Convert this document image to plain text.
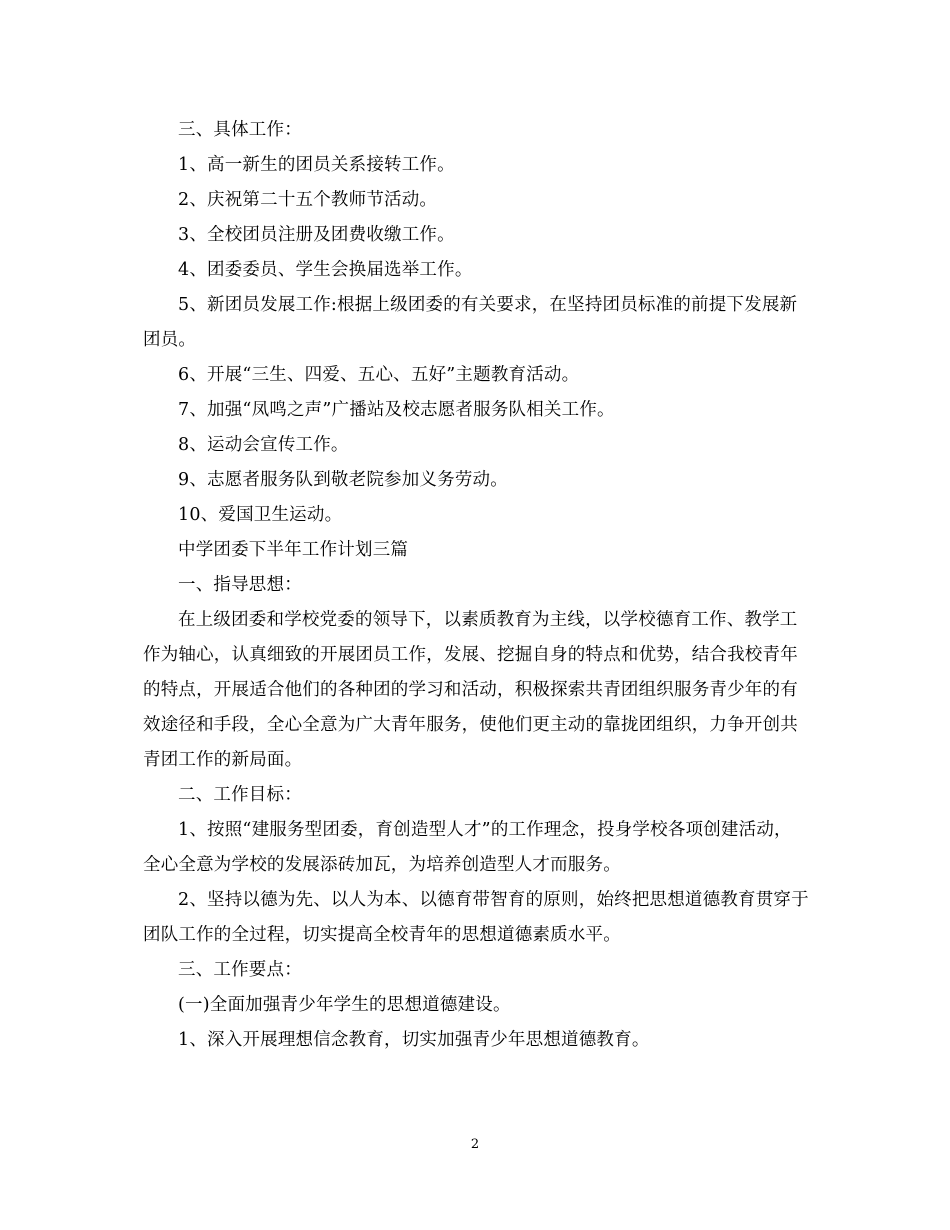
三、具体工作：

1、高一新生的团员关系接转工作。

2、庆祝第二十五个教师节活动。

3、全校团员注册及团费收缴工作。

4、团委委员、学生会换届选举工作。

5、新团员发展工作:根据上级团委的有关要求，在坚持团员标准的前提下发展新团员。

6、开展“三生、四爱、五心、五好”主题教育活动。

7、加强“凤鸣之声”广播站及校志愿者服务队相关工作。

8、运动会宣传工作。

9、志愿者服务队到敬老院参加义务劳动。

10、爱国卫生运动。

中学团委下半年工作计划三篇

一、指导思想：

在上级团委和学校党委的领导下，以素质教育为主线，以学校德育工作、教学工作为轴心，认真细致的开展团员工作，发展、挖掘自身的特点和优势，结合我校青年的特点，开展适合他们的各种团的学习和活动，积极探索共青团组织服务青少年的有效途径和手段，全心全意为广大青年服务，使他们更主动的靠拢团组织，力争开创共青团工作的新局面。

二、工作目标：

1、按照“建服务型团委，育创造型人才”的工作理念，投身学校各项创建活动，全心全意为学校的发展添砖加瓦，为培养创造型人才而服务。

2、坚持以德为先、以人为本、以德育带智育的原则，始终把思想道德教育贯穿于团队工作的全过程，切实提高全校青年的思想道德素质水平。

三、工作要点：

(一)全面加强青少年学生的思想道德建设。

1、深入开展理想信念教育，切实加强青少年思想道德教育。

2
